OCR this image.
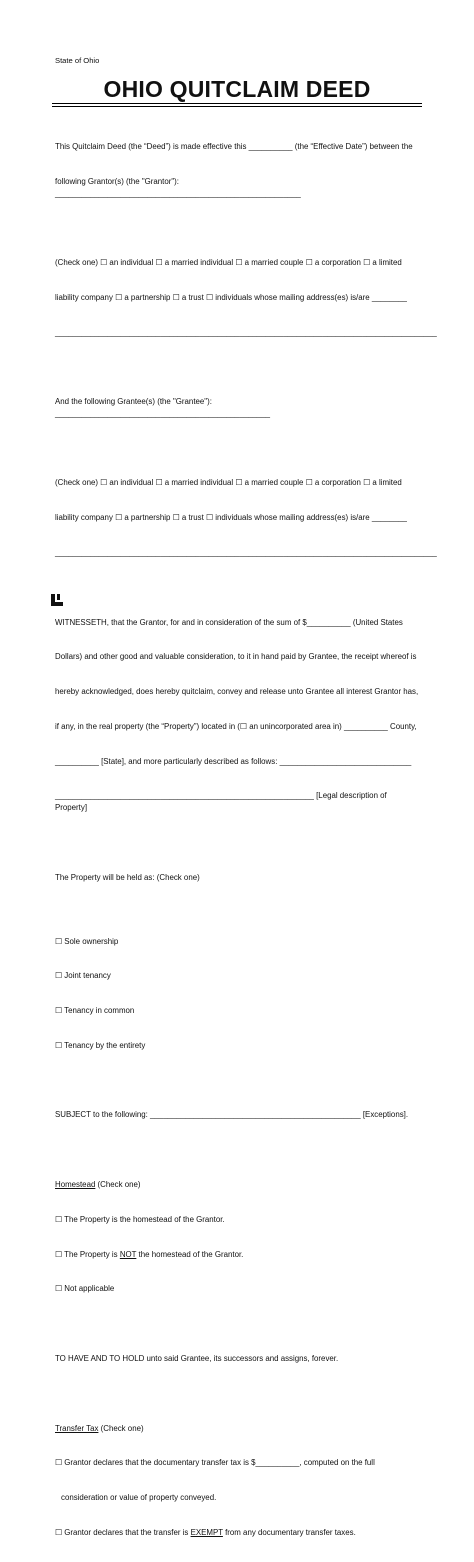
State of Ohio
OHIO QUITCLAIM DEED

This Quitclaim Deed (the “Deed”) is made effective this __________ (the “Effective Date”) between the

following Grantor(s) (the "Grantor"): ________________________________________________________

(Check one) ☐ an individual ☐ a married individual ☐ a married couple ☐ a corporation ☐ a limited

liability company ☐ a partnership ☐ a trust ☐ individuals whose mailing address(es) is/are ________

_______________________________________________________________________________________

And the following Grantee(s) (the "Grantee"): _________________________________________________

(Check one) ☐ an individual ☐ a married individual ☐ a married couple ☐ a corporation ☐ a limited

liability company ☐ a partnership ☐ a trust ☐ individuals whose mailing address(es) is/are ________

_______________________________________________________________________________________

WITNESSETH, that the Grantor, for and in consideration of the sum of $__________ (United States

Dollars) and other good and valuable consideration, to it in hand paid by Grantee, the receipt whereof is

hereby acknowledged, does hereby quitclaim, convey and release unto Grantee all interest Grantor has,

if any, in the real property (the “Property”) located in (☐ an unincorporated area in) __________ County,

__________ [State], and more particularly described as follows: ______________________________

___________________________________________________________ [Legal description of Property]

The Property will be held as: (Check one)

☐ Sole ownership

☐ Joint tenancy

☐ Tenancy in common

☐ Tenancy by the entirety

SUBJECT to the following: ________________________________________________ [Exceptions].

Homestead (Check one)

☐ The Property is the homestead of the Grantor.

☐ The Property is NOT the homestead of the Grantor.

☐ Not applicable

TO HAVE AND TO HOLD unto said Grantee, its successors and assigns, forever.

Transfer Tax (Check one)

☐ Grantor declares that the documentary transfer tax is $__________, computed on the full

consideration or value of property conveyed.

☐ Grantor declares that the transfer is EXEMPT from any documentary transfer taxes.
